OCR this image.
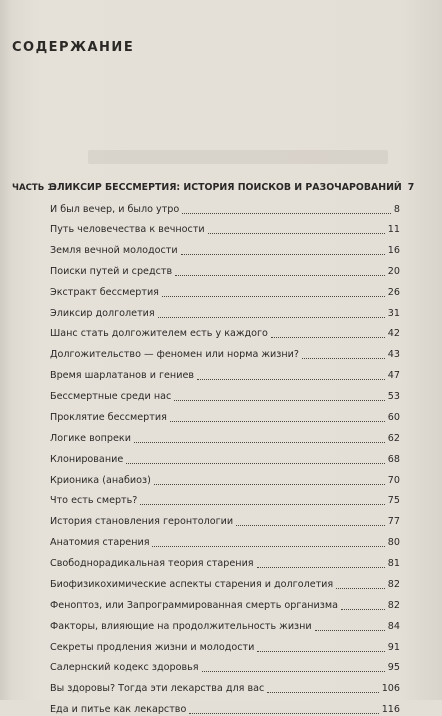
СОДЕРЖАНИЕ
ЧАСТЬ 1.
ЭЛИКСИР БЕССМЕРТИЯ: ИСТОРИЯ ПОИСКОВ И РАЗОЧАРОВАНИЙ 7
И был вечер, и было утро	8
Путь человечества к вечности	11
Земля вечной молодости	16
Поиски путей и средств	20
Экстракт бессмертия	26
Эликсир долголетия	31
Шанс стать долгожителем есть у каждого	42
Долгожительство — феномен или норма жизни?	43
Время шарлатанов и гениев	47
Бессмертные среди нас	53
Проклятие бессмертия	60
Логике вопреки	62
Клонирование	68
Крионика (анабиоз)	70
Что есть смерть?	75
История становления геронтологии	77
Анатомия старения	80
Свободнорадикальная теория старения	81
Биофизикохимические аспекты старения и долголетия	82
Феноптоз, или Запрограммированная смерть организма	82
Факторы, влияющие на продолжительность жизни	84
Секреты продления жизни и молодости	91
Салернский кодекс здоровья	95
Вы здоровы? Тогда эти лекарства для вас	106
Еда и питье как лекарство	116
